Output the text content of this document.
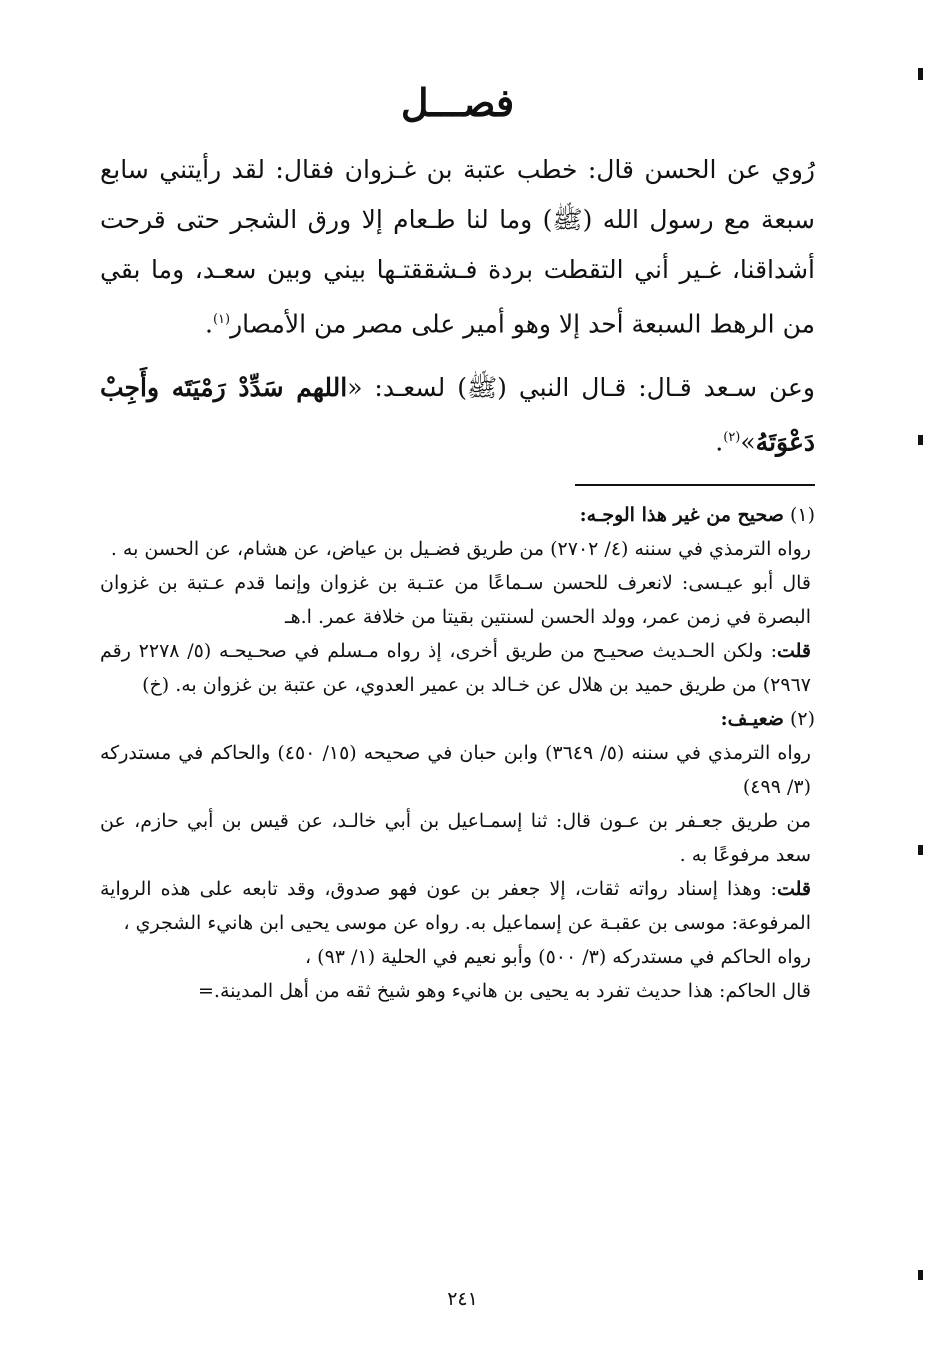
فصـــل

رُوي عن الحسن قال: خطب عتبة بن غـزوان فقال: لقد رأيتني سابع سبعة مع رسول الله (ﷺ) وما لنا طـعام إلا ورق الشجر حتى قرحت أشداقنا، غـير أني التقطت بردة فـشققتـها بيني وبين سعـد، وما بقي من الرهط السبعة أحد إلا وهو أمير على مصر من الأمصار$^{(١)}$.

وعن سـعد قـال: قـال النبي (ﷺ) لسعـد: «اللهم سَدِّدْ رَمْيَتَه وأَجِبْ دَعْوَتَهُ»$^{(٢)}$.

(١) صحيح من غير هذا الوجـه:

رواه الترمذي في سننه (٤/ ٢٧٠٢) من طريق فضـيل بن عياض، عن هشام، عن الحسن به .

قال أبو عيـسى: لانعرف للحسن سـماعًا من عتـبة بن غزوان وإنما قدم عـتبة بن غزوان البصرة في زمن عمر، وولد الحسن لسنتين بقيتا من خلافة عمر. ا.هـ

قلت: ولكن الحـديث صحيـح من طريق أخرى، إذ رواه مـسلم في صحـيحـه (٥/ ٢٢٧٨ رقم ٢٩٦٧) من طريق حميد بن هلال عن خـالد بن عمير العدوي، عن عتبة بن غزوان به. (خ)

(٢) ضعيـف:

رواه الترمذي في سننه (٥/ ٣٦٤٩) وابن حبان في صحيحه (١٥/ ٤٥٠) والحاكم في مستدركه (٣/ ٤٩٩)

من طريق جعـفر بن عـون قال: ثنا إسمـاعيل بن أبي خالـد، عن قيس بن أبي حازم، عن سعد مرفوعًا به .

قلت: وهذا إسناد رواته ثقات، إلا جعفر بن عون فهو صدوق، وقد تابعه على هذه الرواية المرفوعة: موسى بن عقبـة عن إسماعيل به. رواه عن موسى يحيى ابن هانيء الشجري ،

رواه الحاكم في مستدركه (٣/ ٥٠٠) وأبو نعيم في الحلية (١/ ٩٣) ،

قال الحاكم: هذا حديث تفرد به يحيى بن هانيء وهو شيخ ثقه من أهل المدينة.=

٢٤١
